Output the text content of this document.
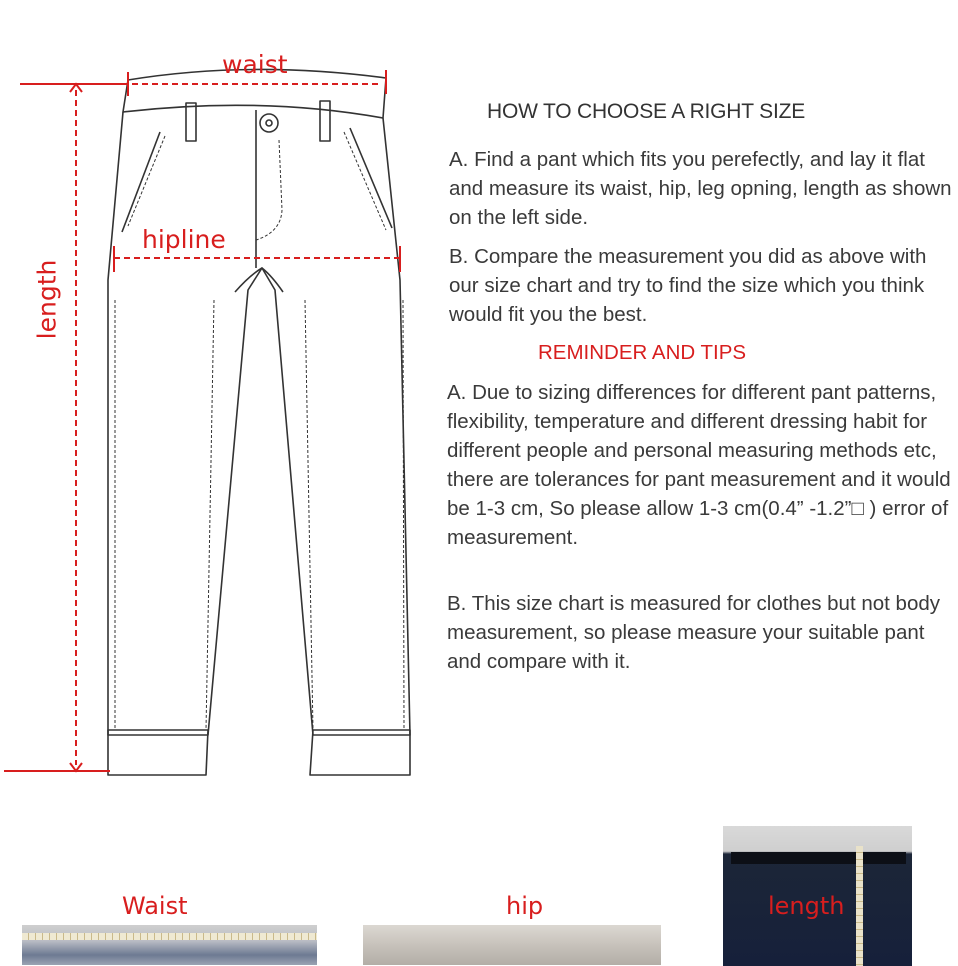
waist
hipline
length
HOW TO CHOOSE A RIGHT SIZE
A. Find a pant which fits you perefectly, and lay it flat and measure its waist, hip, leg opning, length as shown on the left side.
B. Compare the measurement you did as above with our size chart and try to find the size which you think would fit you the best.
REMINDER AND TIPS
A. Due to sizing differences for different pant patterns, flexibility, temperature and different dressing habit for different people and personal measuring methods etc, there are tolerances for pant measurement and it would be 1-3 cm, So please allow 1-3 cm(0.4” -1.2”□ ) error of measurement.
B. This size chart is measured for clothes but not body measurement, so please measure your suitable pant and compare with it.
Waist	hip	length
